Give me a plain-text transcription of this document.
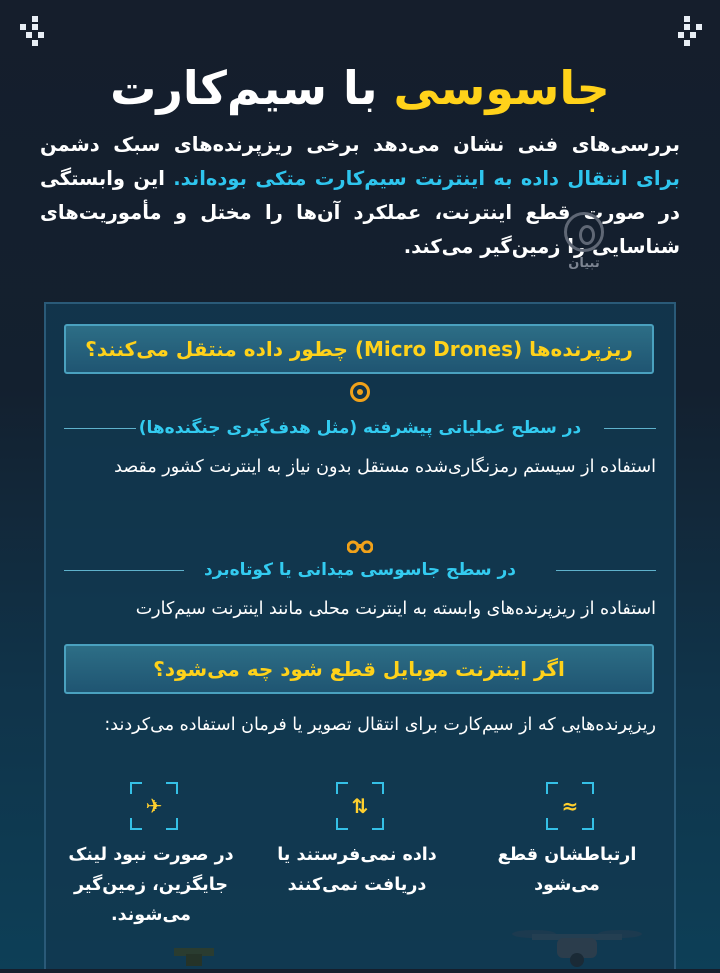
جاسوسی با سیم‌کارت
بررسی‌های فنی نشان می‌دهد برخی ریزپرنده‌های سبک دشمن برای انتقال داده به اینترنت سیم‌کارت متکی بوده‌اند. این وابستگی در صورت قطع اینترنت، عملکرد آن‌ها را مختل و مأموریت‌های شناسایی را زمین‌گیر می‌کند.
تبیان
ریزپرنده‌ها (Micro Drones) چطور داده منتقل می‌کنند؟
در سطح عملیاتی پیشرفته (مثل هدف‌گیری جنگنده‌ها)
استفاده از سیستم رمزنگاری‌شده مستقل بدون نیاز به اینترنت کشور مقصد
در سطح جاسوسی میدانی یا کوتاه‌برد
استفاده از ریزپرنده‌های وابسته به اینترنت محلی مانند اینترنت سیم‌کارت
اگر اینترنت موبایل قطع شود چه می‌شود؟
ریزپرنده‌هایی که از سیم‌کارت برای انتقال تصویر یا فرمان استفاده می‌کردند:
≈
⇅
✈
ارتباطشان قطع می‌شود
داده نمی‌فرستند یا دریافت نمی‌کنند
در صورت نبود لینک جایگزین، زمین‌گیر می‌شوند.
